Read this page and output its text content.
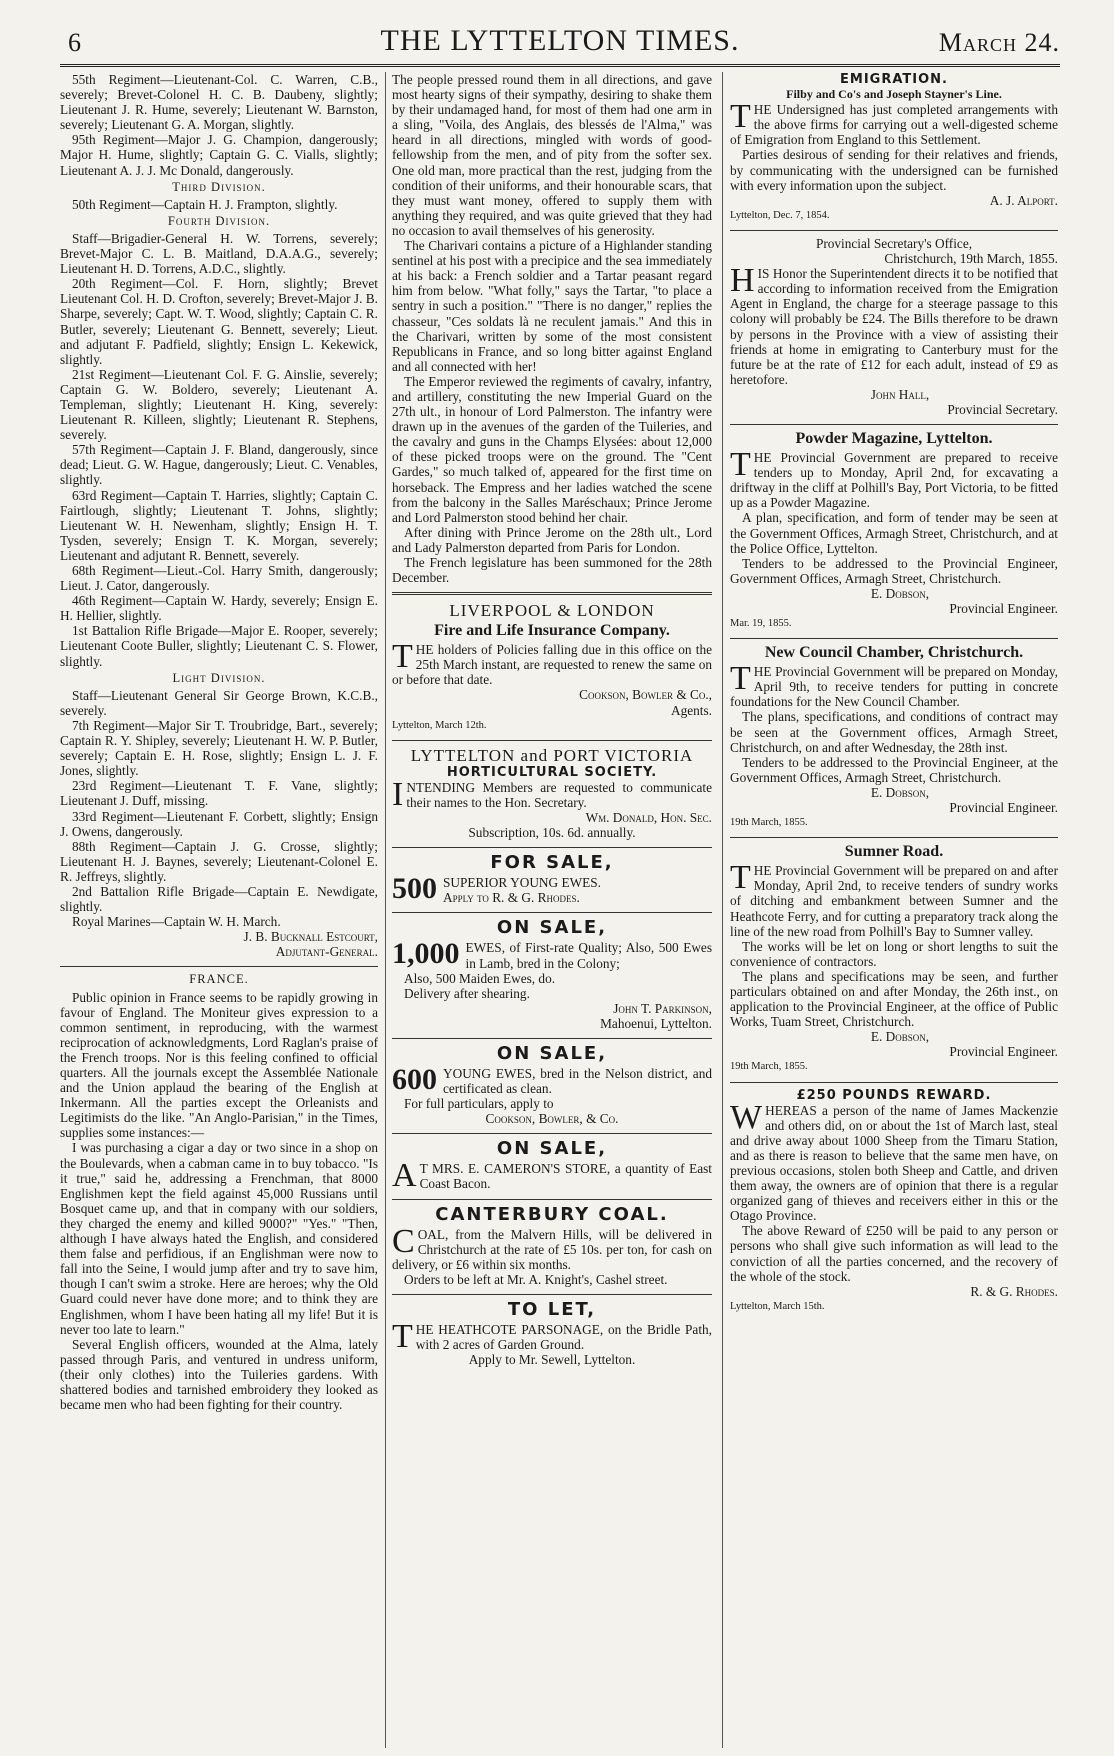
6	THE LYTTELTON TIMES.	March 24.

55th Regiment—Lieutenant-Col. C. Warren, C.B., severely; Brevet-Colonel H. C. B. Daubeny, slightly; Lieutenant J. R. Hume, severely; Lieutenant W. Barnston, severely; Lieutenant G. A. Morgan, slightly.

95th Regiment—Major J. G. Champion, dangerously; Major H. Hume, slightly; Captain G. C. Vialls, slightly; Lieutenant A. J. J. Mc Donald, dangerously.

Third Division.

50th Regiment—Captain H. J. Frampton, slightly.

Fourth Division.

Staff—Brigadier-General H. W. Torrens, severely; Brevet-Major C. L. B. Maitland, D.A.A.G., severely; Lieutenant H. D. Torrens, A.D.C., slightly.

20th Regiment—Col. F. Horn, slightly; Brevet Lieutenant Col. H. D. Crofton, severely; Brevet-Major J. B. Sharpe, severely; Capt. W. T. Wood, slightly; Captain C. R. Butler, severely; Lieutenant G. Bennett, severely; Lieut. and adjutant F. Padfield, slightly; Ensign L. Kekewick, slightly.

21st Regiment—Lieutenant Col. F. G. Ainslie, severely; Captain G. W. Boldero, severely; Lieutenant A. Templeman, slightly; Lieutenant H. King, severely: Lieutenant R. Killeen, slightly; Lieutenant R. Stephens, severely.

57th Regiment—Captain J. F. Bland, dangerously, since dead; Lieut. G. W. Hague, dangerously; Lieut. C. Venables, slightly.

63rd Regiment—Captain T. Harries, slightly; Captain C. Fairtlough, slightly; Lieutenant T. Johns, slightly; Lieutenant W. H. Newenham, slightly; Ensign H. T. Tysden, severely; Ensign T. K. Morgan, severely; Lieutenant and adjutant R. Bennett, severely.

68th Regiment—Lieut.-Col. Harry Smith, dangerously; Lieut. J. Cator, dangerously.

46th Regiment—Captain W. Hardy, severely; Ensign E. H. Hellier, slightly.

1st Battalion Rifle Brigade—Major E. Rooper, severely; Lieutenant Coote Buller, slightly; Lieutenant C. S. Flower, slightly.

Light Division.

Staff—Lieutenant General Sir George Brown, K.C.B., severely.

7th Regiment—Major Sir T. Troubridge, Bart., severely; Captain R. Y. Shipley, severely; Lieutenant H. W. P. Butler, severely; Captain E. H. Rose, slightly; Ensign L. J. F. Jones, slightly.

23rd Regiment—Lieutenant T. F. Vane, slightly; Lieutenant J. Duff, missing.

33rd Regiment—Lieutenant F. Corbett, slightly; Ensign J. Owens, dangerously.

88th Regiment—Captain J. G. Crosse, slightly; Lieutenant H. J. Baynes, severely; Lieutenant-Colonel E. R. Jeffreys, slightly.

2nd Battalion Rifle Brigade—Captain E. Newdigate, slightly.

Royal Marines—Captain W. H. March.

J. B. Bucknall Estcourt,

Adjutant-General.

FRANCE.

Public opinion in France seems to be rapidly growing in favour of England. The Moniteur gives expression to a common sentiment, in reproducing, with the warmest reciprocation of acknowledgments, Lord Raglan's praise of the French troops. Nor is this feeling confined to official quarters. All the journals except the Assemblée Nationale and the Union applaud the bearing of the English at Inkermann. All the parties except the Orleanists and Legitimists do the like. "An Anglo-Parisian," in the Times, supplies some instances:—

I was purchasing a cigar a day or two since in a shop on the Boulevards, when a cabman came in to buy tobacco. "Is it true," said he, addressing a Frenchman, that 8000 Englishmen kept the field against 45,000 Russians until Bosquet came up, and that in company with our soldiers, they charged the enemy and killed 9000?" "Yes." "Then, although I have always hated the English, and considered them false and perfidious, if an Englishman were now to fall into the Seine, I would jump after and try to save him, though I can't swim a stroke. Here are heroes; why the Old Guard could never have done more; and to think they are Englishmen, whom I have been hating all my life! But it is never too late to learn."

Several English officers, wounded at the Alma, lately passed through Paris, and ventured in undress uniform, (their only clothes) into the Tuileries gardens. With shattered bodies and tarnished embroidery they looked as became men who had been fighting for their country.

The people pressed round them in all directions, and gave most hearty signs of their sympathy, desiring to shake them by their undamaged hand, for most of them had one arm in a sling, "Voila, des Anglais, des blessés de l'Alma," was heard in all directions, mingled with words of good-fellowship from the men, and of pity from the softer sex. One old man, more practical than the rest, judging from the condition of their uniforms, and their honourable scars, that they must want money, offered to supply them with anything they required, and was quite grieved that they had no occasion to avail themselves of his generosity.

The Charivari contains a picture of a Highlander standing sentinel at his post with a precipice and the sea immediately at his back: a French soldier and a Tartar peasant regard him from below. "What folly," says the Tartar, "to place a sentry in such a position." "There is no danger," replies the chasseur, "Ces soldats là ne reculent jamais." And this in the Charivari, written by some of the most consistent Republicans in France, and so long bitter against England and all connected with her!

The Emperor reviewed the regiments of cavalry, infantry, and artillery, constituting the new Imperial Guard on the 27th ult., in honour of Lord Palmerston. The infantry were drawn up in the avenues of the garden of the Tuileries, and the cavalry and guns in the Champs Elysées: about 12,000 of these picked troops were on the ground. The "Cent Gardes," so much talked of, appeared for the first time on horseback. The Empress and her ladies watched the scene from the balcony in the Salles Maréschaux; Prince Jerome and Lord Palmerston stood behind her chair.

After dining with Prince Jerome on the 28th ult., Lord and Lady Palmerston departed from Paris for London.

The French legislature has been summoned for the 28th December.

LIVERPOOL & LONDON
Fire and Life Insurance Company.

THE holders of Policies falling due in this office on the 25th March instant, are requested to renew the same on or before that date.

Cookson, Bowler & Co.,

Agents.

Lyttelton, March 12th.

LYTTELTON and PORT VICTORIA
HORTICULTURAL SOCIETY.

INTENDING Members are requested to communicate their names to the Hon. Secretary.

Wm. Donald, Hon. Sec.

Subscription, 10s. 6d. annually.

FOR SALE,

500 SUPERIOR YOUNG EWES.
Apply to R. & G. Rhodes.

ON SALE,

1,000 EWES, of First-rate Quality; Also, 500 Ewes in Lamb, bred in the Colony;

Also, 500 Maiden Ewes, do.

Delivery after shearing.

John T. Parkinson,

Mahoenui, Lyttelton.

ON SALE,

600 YOUNG EWES, bred in the Nelson district, and certificated as clean.

For full particulars, apply to

Cookson, Bowler, & Co.

ON SALE,

A T MRS. E. CAMERON'S STORE, a quantity of East Coast Bacon.

CANTERBURY COAL.

COAL, from the Malvern Hills, will be delivered in Christchurch at the rate of £5 10s. per ton, for cash on delivery, or £6 within six months.

Orders to be left at Mr. A. Knight's, Cashel street.

TO LET,

THE HEATHCOTE PARSONAGE, on the Bridle Path, with 2 acres of Garden Ground.

Apply to Mr. Sewell, Lyttelton.

EMIGRATION.
Filby and Co's and Joseph Stayner's Line.

THE Undersigned has just completed arrangements with the above firms for carrying out a well-digested scheme of Emigration from England to this Settlement.

Parties desirous of sending for their relatives and friends, by communicating with the undersigned can be furnished with every information upon the subject.

A. J. Alport.

Lyttelton, Dec. 7, 1854.

Provincial Secretary's Office,

Christchurch, 19th March, 1855.

HIS Honor the Superintendent directs it to be notified that according to information received from the Emigration Agent in England, the charge for a steerage passage to this colony will probably be £24. The Bills therefore to be drawn by persons in the Province with a view of assisting their friends at home in emigrating to Canterbury must for the future be at the rate of £12 for each adult, instead of £9 as heretofore.

John Hall,

Provincial Secretary.

Powder Magazine, Lyttelton.

THE Provincial Government are prepared to receive tenders up to Monday, April 2nd, for excavating a driftway in the cliff at Polhill's Bay, Port Victoria, to be fitted up as a Powder Magazine.

A plan, specification, and form of tender may be seen at the Government Offices, Armagh Street, Christchurch, and at the Police Office, Lyttelton.

Tenders to be addressed to the Provincial Engineer, Government Offices, Armagh Street, Christchurch.

E. Dobson,

Provincial Engineer.

Mar. 19, 1855.

New Council Chamber, Christchurch.

THE Provincial Government will be prepared on Monday, April 9th, to receive tenders for putting in concrete foundations for the New Council Chamber.

The plans, specifications, and conditions of contract may be seen at the Government offices, Armagh Street, Christchurch, on and after Wednesday, the 28th inst.

Tenders to be addressed to the Provincial Engineer, at the Government Offices, Armagh Street, Christchurch.

E. Dobson,

Provincial Engineer.

19th March, 1855.

Sumner Road.

THE Provincial Government will be prepared on and after Monday, April 2nd, to receive tenders of sundry works of ditching and embankment between Sumner and the Heathcote Ferry, and for cutting a preparatory track along the line of the new road from Polhill's Bay to Sumner valley.

The works will be let on long or short lengths to suit the convenience of contractors.

The plans and specifications may be seen, and further particulars obtained on and after Monday, the 26th inst., on application to the Provincial Engineer, at the office of Public Works, Tuam Street, Christchurch.

E. Dobson,

Provincial Engineer.

19th March, 1855.

£250 POUNDS REWARD.

WHEREAS a person of the name of James Mackenzie and others did, on or about the 1st of March last, steal and drive away about 1000 Sheep from the Timaru Station, and as there is reason to believe that the same men have, on previous occasions, stolen both Sheep and Cattle, and driven them away, the owners are of opinion that there is a regular organized gang of thieves and receivers either in this or the Otago Province.

The above Reward of £250 will be paid to any person or persons who shall give such information as will lead to the conviction of all the parties concerned, and the recovery of the whole of the stock.

R. & G. Rhodes.

Lyttelton, March 15th.
